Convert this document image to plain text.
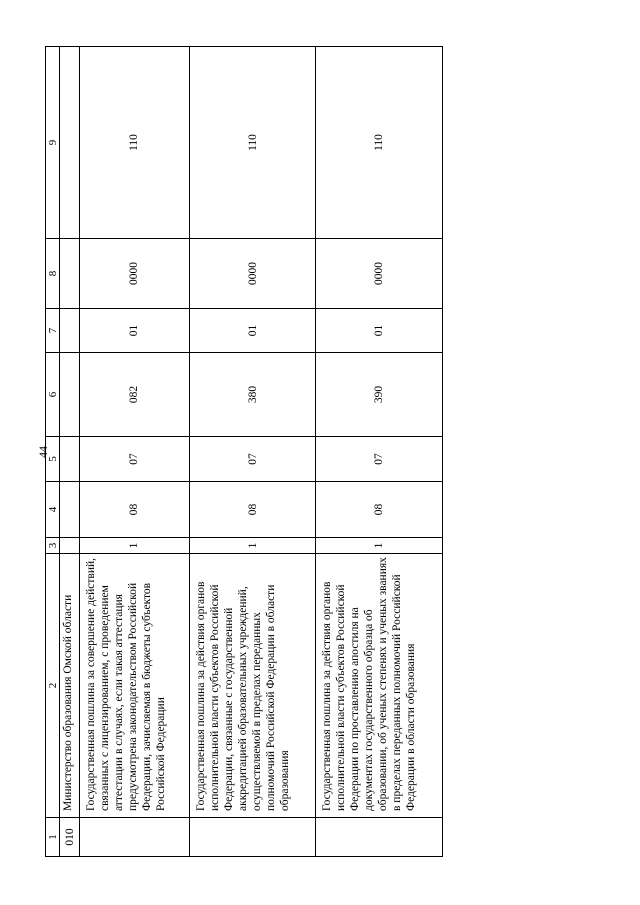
44
1	2	3	4	5	6	7	8	9
010	Министерство образования Омской области							
	Государственная пошлина за совершение действий, связанных с лицензированием, с проведением аттестации в случаях, если такая аттестация предусмотрена законодательством Российской Федерации, зачисляемая в бюджеты субъектов Российской Федерации	1	08	07	082	01	0000	110
	Государственная пошлина за действия органов исполнительной власти субъектов Российской Федерации, связанные с государственной аккредитацией образовательных учреждений, осуществляемой в пределах переданных полномочий Российской Федерации в области образования	1	08	07	380	01	0000	110
	Государственная пошлина за действия органов исполнительной власти субъектов Российской Федерации по проставлению апостиля на документах государственного образца об образовании, об ученых степенях и ученых званиях в пределах переданных полномочий Российской Федерации в области образования	1	08	07	390	01	0000	110
